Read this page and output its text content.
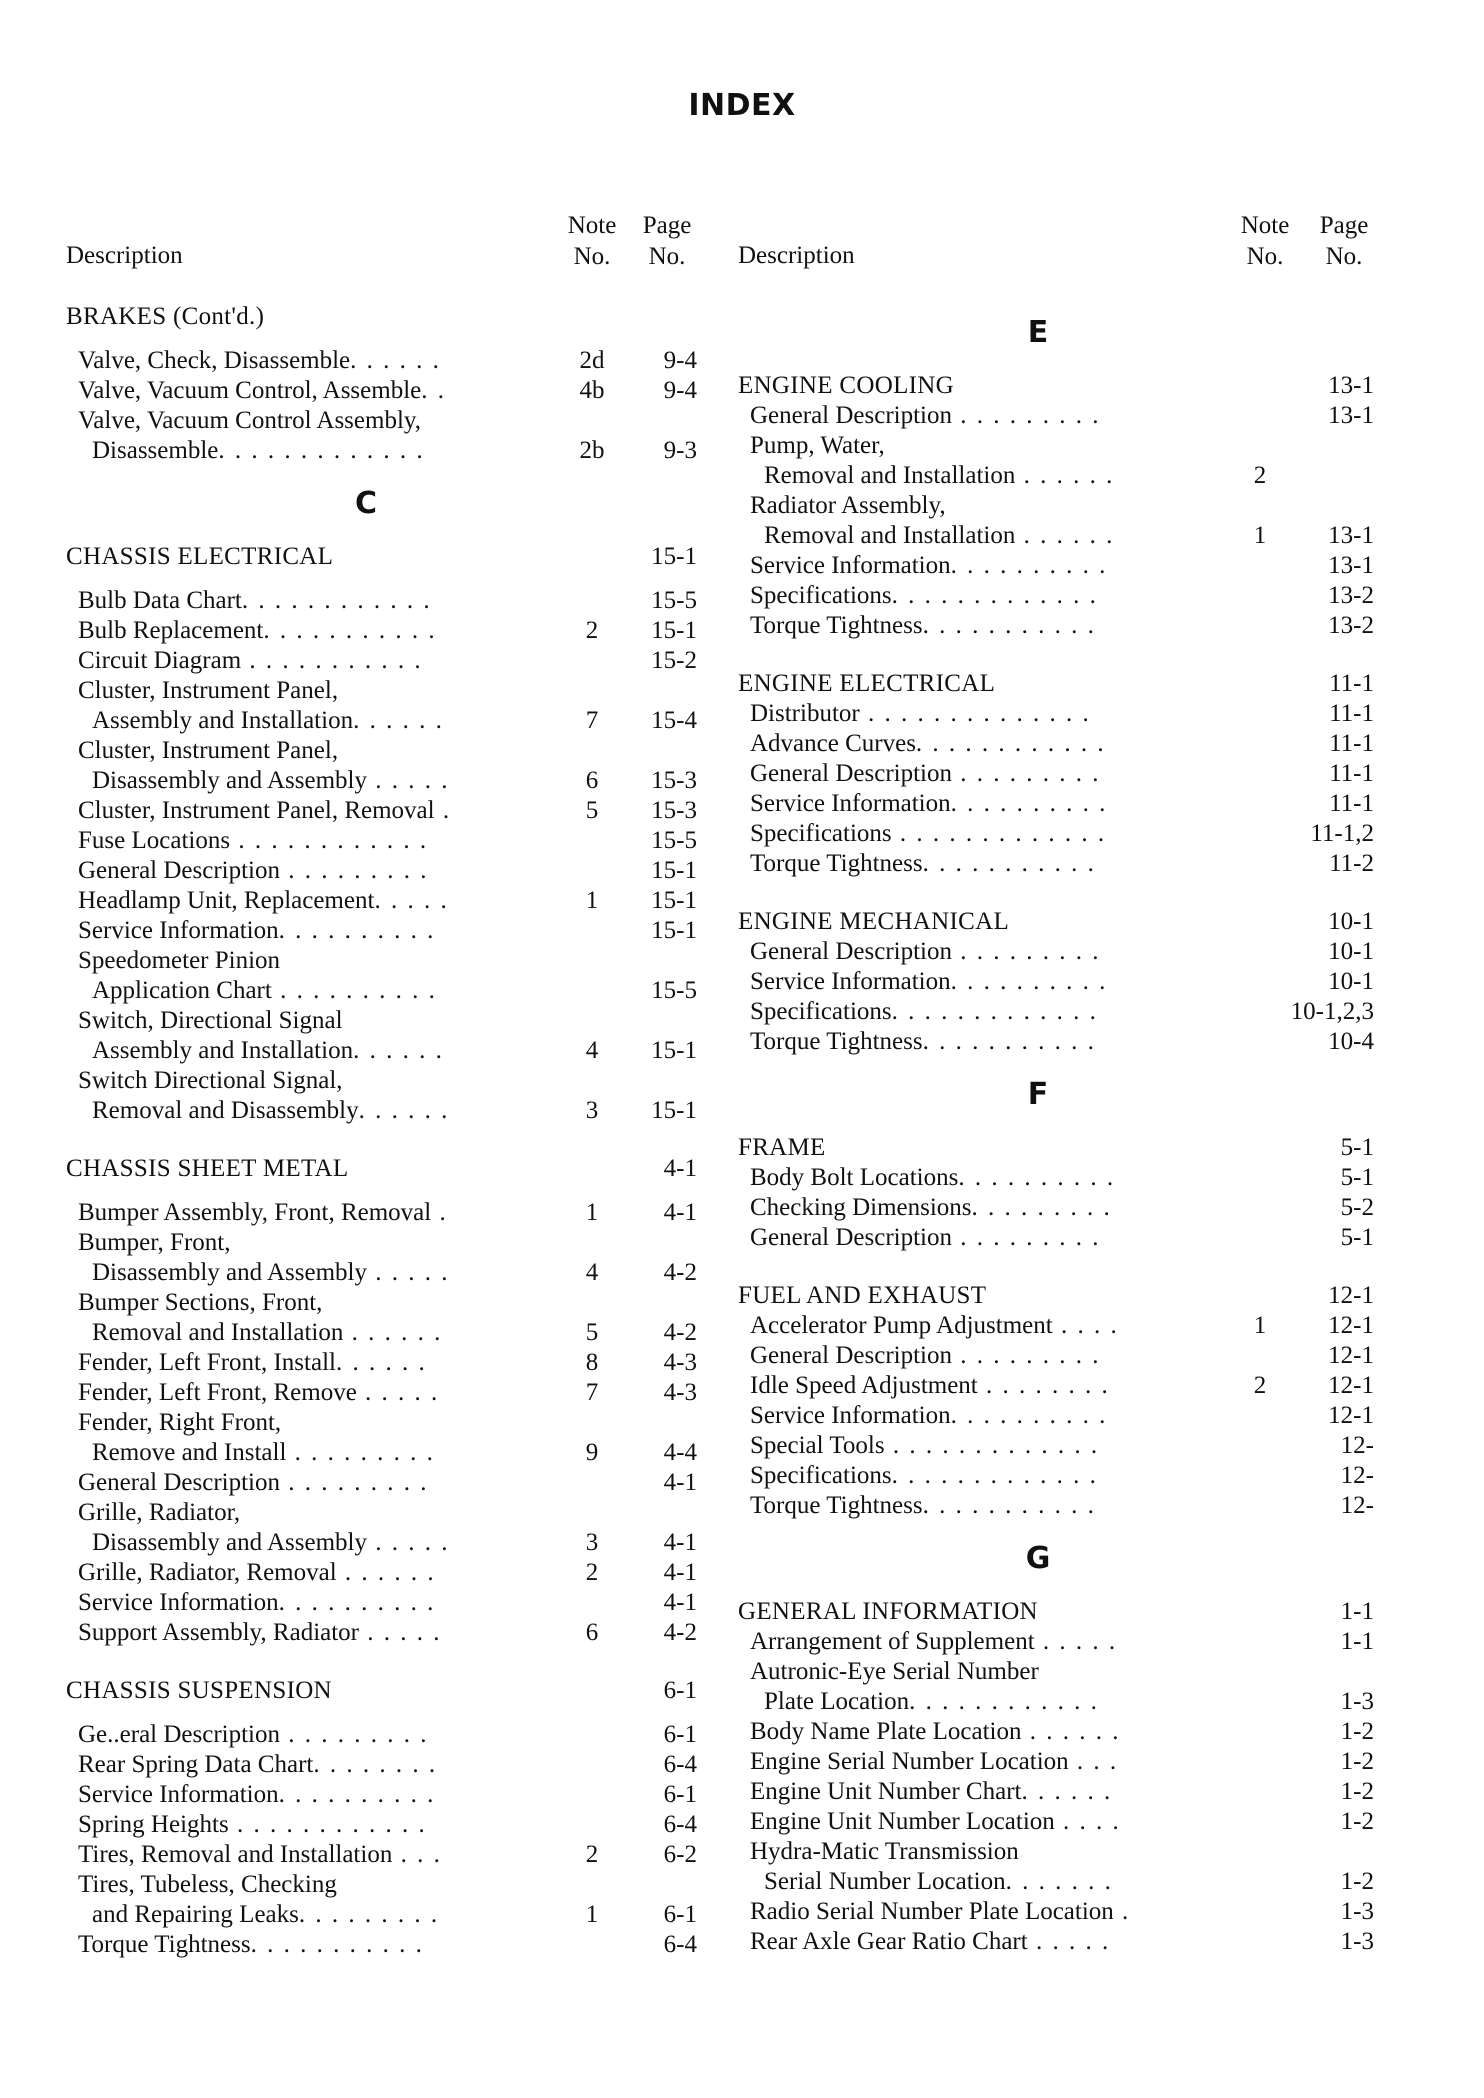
INDEX
Description
Note
No.
Page
No.
BRAKES (Cont'd.)
Valve, Check, Disassemble. . . . . .	2d	9-4
Valve, Vacuum Control, Assemble. .	4b	9-4
Valve, Vacuum Control Assembly,
Disassemble. . . . . . . . . . . . .	2b	9-3
C
CHASSIS ELECTRICAL	15-1
Bulb Data Chart. . . . . . . . . . . .	15-5
Bulb Replacement. . . . . . . . . . .	2	15-1
Circuit Diagram . . . . . . . . . . .	15-2
Cluster, Instrument Panel,
Assembly and Installation. . . . . .	7	15-4
Cluster, Instrument Panel,
Disassembly and Assembly . . . . .	6	15-3
Cluster, Instrument Panel, Removal .	5	15-3
Fuse Locations . . . . . . . . . . . .	15-5
General Description . . . . . . . . .	15-1
Headlamp Unit, Replacement. . . . .	1	15-1
Service Information. . . . . . . . . .	15-1
Speedometer Pinion
Application Chart . . . . . . . . . .	15-5
Switch, Directional Signal
Assembly and Installation. . . . . .	4	15-1
Switch Directional Signal,
Removal and Disassembly. . . . . .	3	15-1
CHASSIS SHEET METAL	4-1
Bumper Assembly, Front, Removal .	1	4-1
Bumper, Front,
Disassembly and Assembly . . . . .	4	4-2
Bumper Sections, Front,
Removal and Installation . . . . . .	5	4-2
Fender, Left Front, Install. . . . . .	8	4-3
Fender, Left Front, Remove . . . . .	7	4-3
Fender, Right Front,
Remove and Install . . . . . . . . .	9	4-4
General Description . . . . . . . . .	4-1
Grille, Radiator,
Disassembly and Assembly . . . . .	3	4-1
Grille, Radiator, Removal . . . . . .	2	4-1
Service Information. . . . . . . . . .	4-1
Support Assembly, Radiator . . . . .	6	4-2
CHASSIS SUSPENSION	6-1
Ge..eral Description . . . . . . . . .	6-1
Rear Spring Data Chart. . . . . . . .	6-4
Service Information. . . . . . . . . .	6-1
Spring Heights . . . . . . . . . . . .	6-4
Tires, Removal and Installation . . .	2	6-2
Tires, Tubeless, Checking
and Repairing Leaks. . . . . . . . .	1	6-1
Torque Tightness. . . . . . . . . . .	6-4
Description
Note
No.
Page
No.
E
ENGINE COOLING	13-1
General Description . . . . . . . . .	13-1
Pump, Water,
Removal and Installation . . . . . .	2
Radiator Assembly,
Removal and Installation . . . . . .	1	13-1
Service Information. . . . . . . . . .	13-1
Specifications. . . . . . . . . . . . .	13-2
Torque Tightness. . . . . . . . . . .	13-2
ENGINE ELECTRICAL	11-1
Distributor . . . . . . . . . . . . . .	11-1
Advance Curves. . . . . . . . . . . .	11-1
General Description . . . . . . . . .	11-1
Service Information. . . . . . . . . .	11-1
Specifications . . . . . . . . . . . . .	11-1,2
Torque Tightness. . . . . . . . . . .	11-2
ENGINE MECHANICAL	10-1
General Description . . . . . . . . .	10-1
Service Information. . . . . . . . . .	10-1
Specifications. . . . . . . . . . . . .	10-1,2,3
Torque Tightness. . . . . . . . . . .	10-4
F
FRAME	5-1
Body Bolt Locations. . . . . . . . . .	5-1
Checking Dimensions. . . . . . . . .	5-2
General Description . . . . . . . . .	5-1
FUEL AND EXHAUST	12-1
Accelerator Pump Adjustment . . . .	1	12-1
General Description . . . . . . . . .	12-1
Idle Speed Adjustment . . . . . . . .	2	12-1
Service Information. . . . . . . . . .	12-1
Special Tools . . . . . . . . . . . . .	12-
Specifications. . . . . . . . . . . . .	12-
Torque Tightness. . . . . . . . . . .	12-
G
GENERAL INFORMATION	1-1
Arrangement of Supplement . . . . .	1-1
Autronic-Eye Serial Number
Plate Location. . . . . . . . . . . .	1-3
Body Name Plate Location . . . . . .	1-2
Engine Serial Number Location . . .	1-2
Engine Unit Number Chart. . . . . .	1-2
Engine Unit Number Location . . . .	1-2
Hydra-Matic Transmission
Serial Number Location. . . . . . .	1-2
Radio Serial Number Plate Location .	1-3
Rear Axle Gear Ratio Chart . . . . .	1-3
